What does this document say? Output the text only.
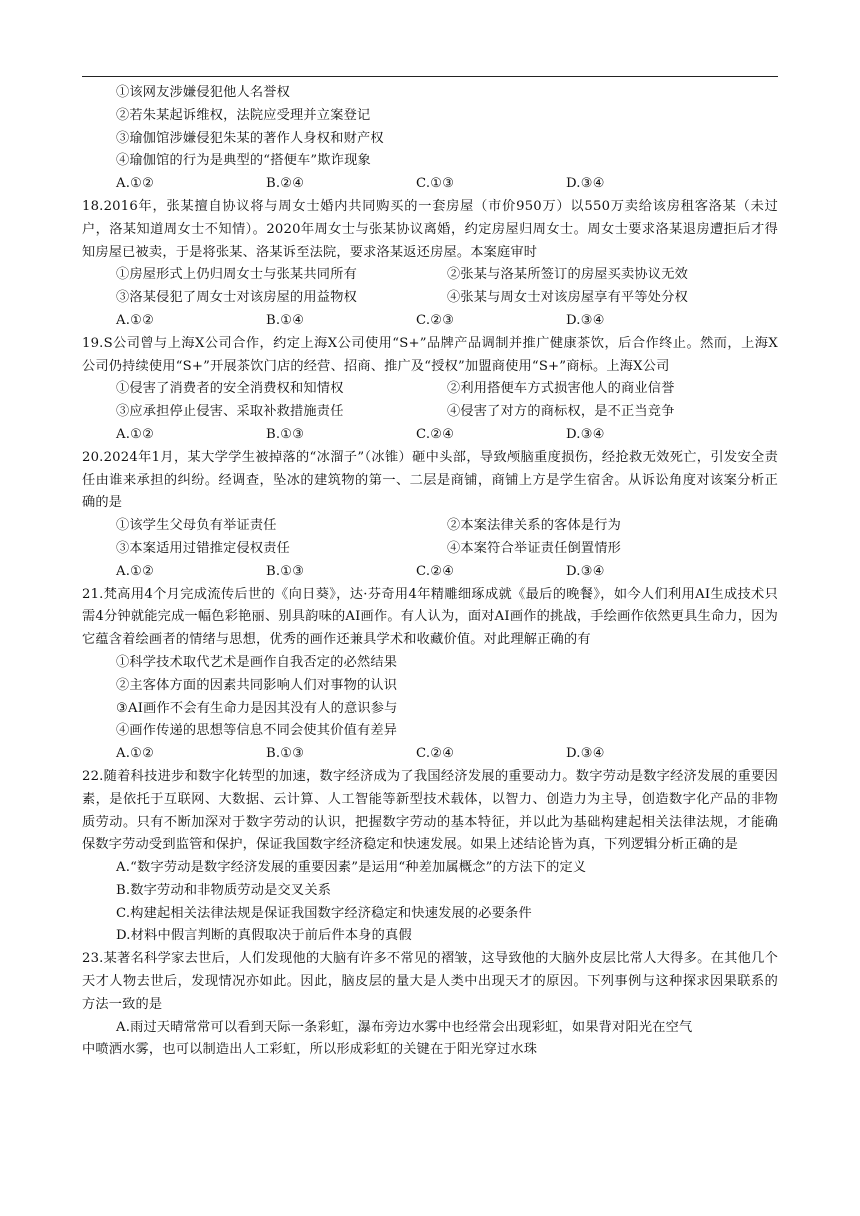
①该网友涉嫌侵犯他人名誉权
②若朱某起诉维权，法院应受理并立案登记
③瑜伽馆涉嫌侵犯朱某的著作人身权和财产权
④瑜伽馆的行为是典型的“搭便车”欺诈现象
A.①②	B.②④	C.①③	D.③④
18.2016年，张某擅自协议将与周女士婚内共同购买的一套房屋（市价950万）以550万卖给该房租客洛某（未过户，洛某知道周女士不知情）。2020年周女士与张某协议离婚，约定房屋归周女士。周女士要求洛某退房遭拒后才得知房屋已被卖，于是将张某、洛某诉至法院，要求洛某返还房屋。本案庭审时
①房屋形式上仍归周女士与张某共同所有	②张某与洛某所签订的房屋买卖协议无效
③洛某侵犯了周女士对该房屋的用益物权	④张某与周女士对该房屋享有平等处分权
A.①②	B.①④	C.②③	D.③④
19.S公司曾与上海X公司合作，约定上海X公司使用“S+”品牌产品调制并推广健康茶饮，后合作终止。然而，上海X公司仍持续使用“S+”开展茶饮门店的经营、招商、推广及“授权”加盟商使用“S+”商标。上海X公司
①侵害了消费者的安全消费权和知情权	②利用搭便车方式损害他人的商业信誉
③应承担停止侵害、采取补救措施责任	④侵害了对方的商标权，是不正当竞争
A.①②	B.①③	C.②④	D.③④
20.2024年1月，某大学学生被掉落的“冰溜子”（冰锥）砸中头部，导致颅脑重度损伤，经抢救无效死亡，引发安全责任由谁来承担的纠纷。经调查，坠冰的建筑物的第一、二层是商铺，商铺上方是学生宿舍。从诉讼角度对该案分析正确的是
①该学生父母负有举证责任	②本案法律关系的客体是行为
③本案适用过错推定侵权责任	④本案符合举证责任倒置情形
A.①②	B.①③	C.②④	D.③④
21.梵高用4个月完成流传后世的《向日葵》，达·芬奇用4年精雕细琢成就《最后的晚餐》，如今人们利用AI生成技术只需4分钟就能完成一幅色彩艳丽、别具韵味的AI画作。有人认为，面对AI画作的挑战，手绘画作依然更具生命力，因为它蕴含着绘画者的情绪与思想，优秀的画作还兼具学术和收藏价值。对此理解正确的有
①科学技术取代艺术是画作自我否定的必然结果
②主客体方面的因素共同影响人们对事物的认识
③AI画作不会有生命力是因其没有人的意识参与
④画作传递的思想等信息不同会使其价值有差异
A.①②	B.①③	C.②④	D.③④
22.随着科技进步和数字化转型的加速，数字经济成为了我国经济发展的重要动力。数字劳动是数字经济发展的重要因素，是依托于互联网、大数据、云计算、人工智能等新型技术载体，以智力、创造力为主导，创造数字化产品的非物质劳动。只有不断加深对于数字劳动的认识，把握数字劳动的基本特征，并以此为基础构建起相关法律法规，才能确保数字劳动受到监管和保护，保证我国数字经济稳定和快速发展。如果上述结论皆为真，下列逻辑分析正确的是
A.“数字劳动是数字经济发展的重要因素”是运用“种差加属概念”的方法下的定义
B.数字劳动和非物质劳动是交叉关系
C.构建起相关法律法规是保证我国数字经济稳定和快速发展的必要条件
D.材料中假言判断的真假取决于前后件本身的真假
23.某著名科学家去世后，人们发现他的大脑有许多不常见的褶皱，这导致他的大脑外皮层比常人大得多。在其他几个天才人物去世后，发现情况亦如此。因此，脑皮层的量大是人类中出现天才的原因。下列事例与这种探求因果联系的方法一致的是
A.雨过天晴常常可以看到天际一条彩虹，瀑布旁边水雾中也经常会出现彩虹，如果背对阳光在空气
中喷洒水雾，也可以制造出人工彩虹，所以形成彩虹的关键在于阳光穿过水珠
